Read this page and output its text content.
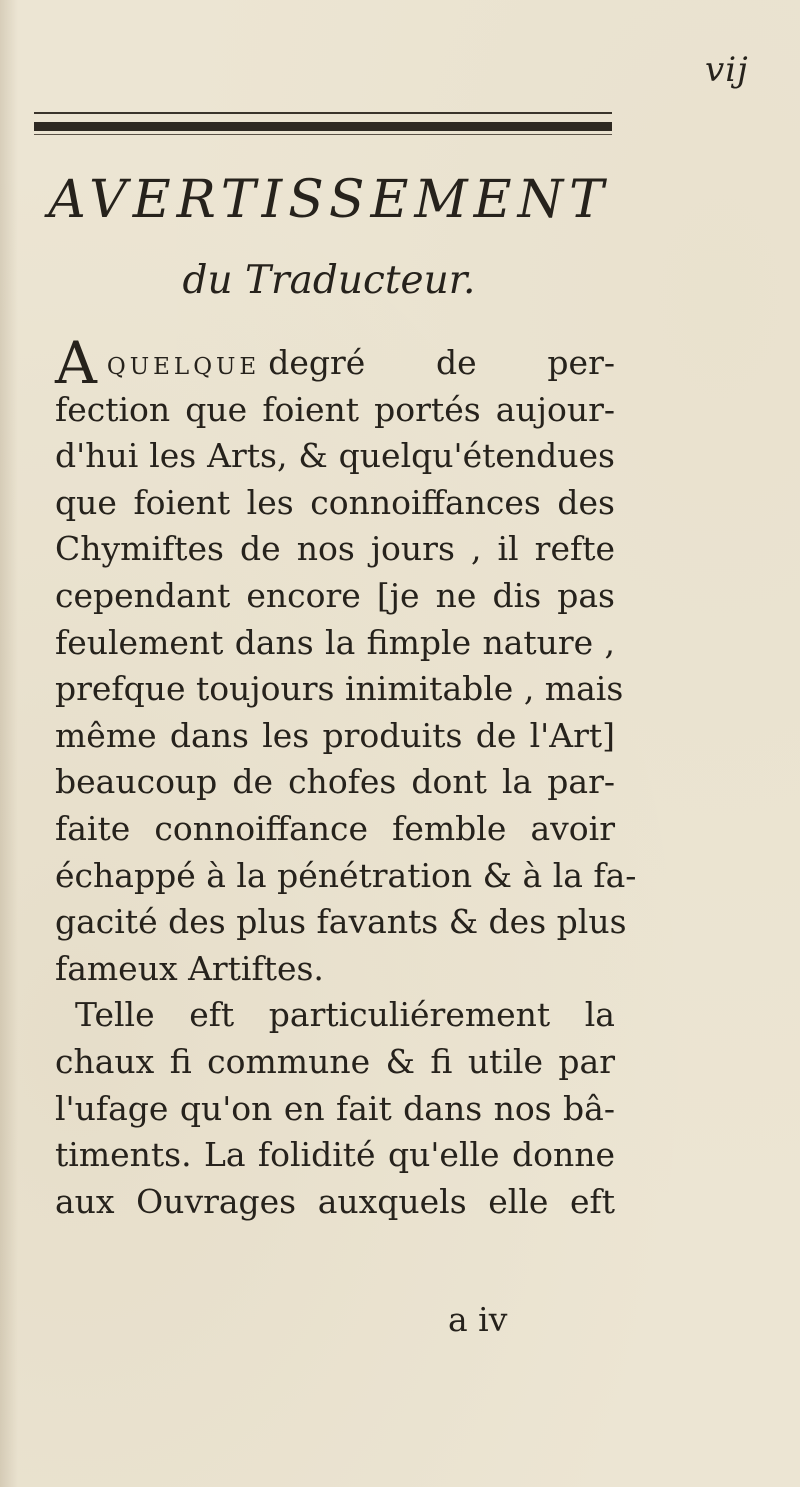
vij
AVERTISSEMENT
du Traducteur.
Aquelque degré de per-
fection que foient portés aujour-
d'hui les Arts, & quelqu'étendues
que foient les connoiffances des
Chymiftes de nos jours , il refte
cependant encore [je ne dis pas
feulement dans la fimple nature ,
prefque toujours inimitable , mais
même dans les produits de l'Art]
beaucoup de chofes dont la par-
faite connoiffance femble avoir
échappé à la pénétration & à la fa-
gacité des plus favants & des plus
fameux Artiftes.
Telle eft particuliérement la
chaux fi commune & fi utile par
l'ufage qu'on en fait dans nos bâ-
timents. La folidité qu'elle donne
aux Ouvrages auxquels elle eft
a iv
